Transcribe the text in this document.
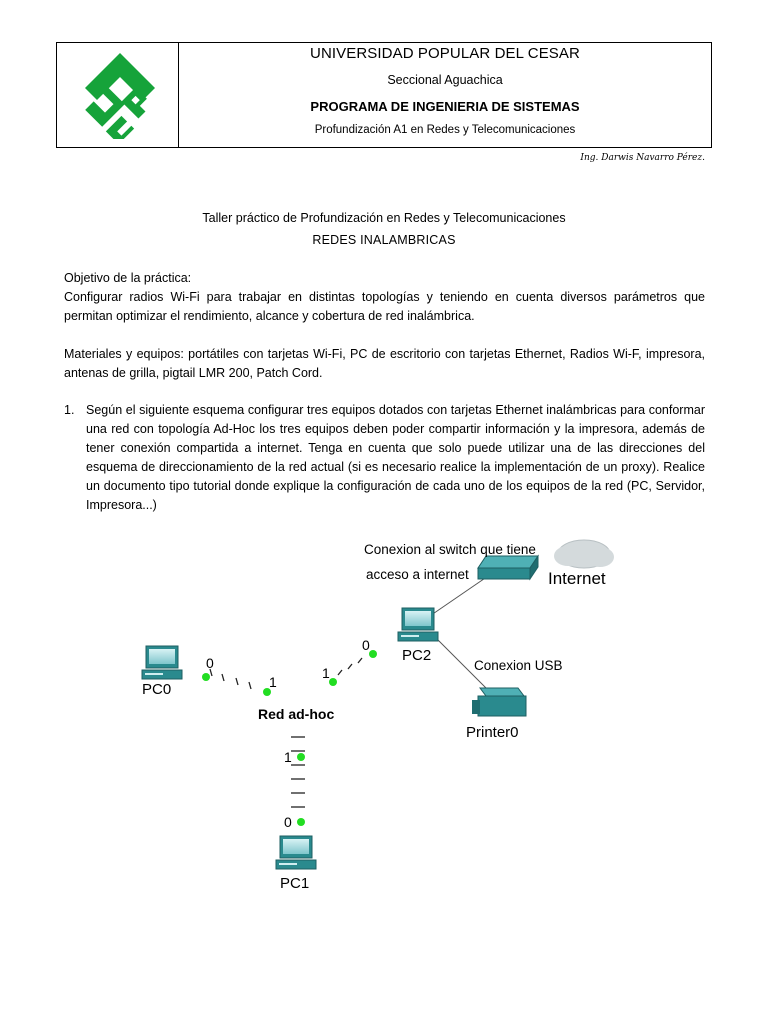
UNIVERSIDAD POPULAR DEL CESAR
Seccional Aguachica
PROGRAMA DE INGENIERIA DE SISTEMAS
Profundización A1 en Redes y Telecomunicaciones
Ing. Darwis Navarro Pérez.
Taller práctico de Profundización en Redes y Telecomunicaciones
REDES INALAMBRICAS
Objetivo de la práctica:
Configurar radios Wi-Fi para trabajar en distintas topologías y teniendo en cuenta diversos parámetros que permitan optimizar el rendimiento, alcance y cobertura de red inalámbrica.
Materiales y equipos: portátiles con tarjetas Wi-Fi, PC de escritorio con tarjetas Ethernet, Radios Wi-F, impresora, antenas de grilla, pigtail LMR 200, Patch Cord.
1. Según el siguiente esquema configurar tres equipos dotados con tarjetas Ethernet inalámbricas para conformar una red con topología Ad-Hoc los tres equipos deben poder compartir información y la impresora, además de tener conexión compartida a internet. Tenga en cuenta que solo puede utilizar una de las direcciones del esquema de direccionamiento de la red actual (si es necesario realice la implementación de un proxy). Realice un documento tipo tutorial donde explique la configuración de cada uno de los equipos de la red (PC, Servidor, Impresora...)
0
1
1
0
1
0
PC0
PC2
PC1
Internet
Printer0
Conexion al switch que tiene
acceso a internet
Conexion USB
Red ad-hoc
